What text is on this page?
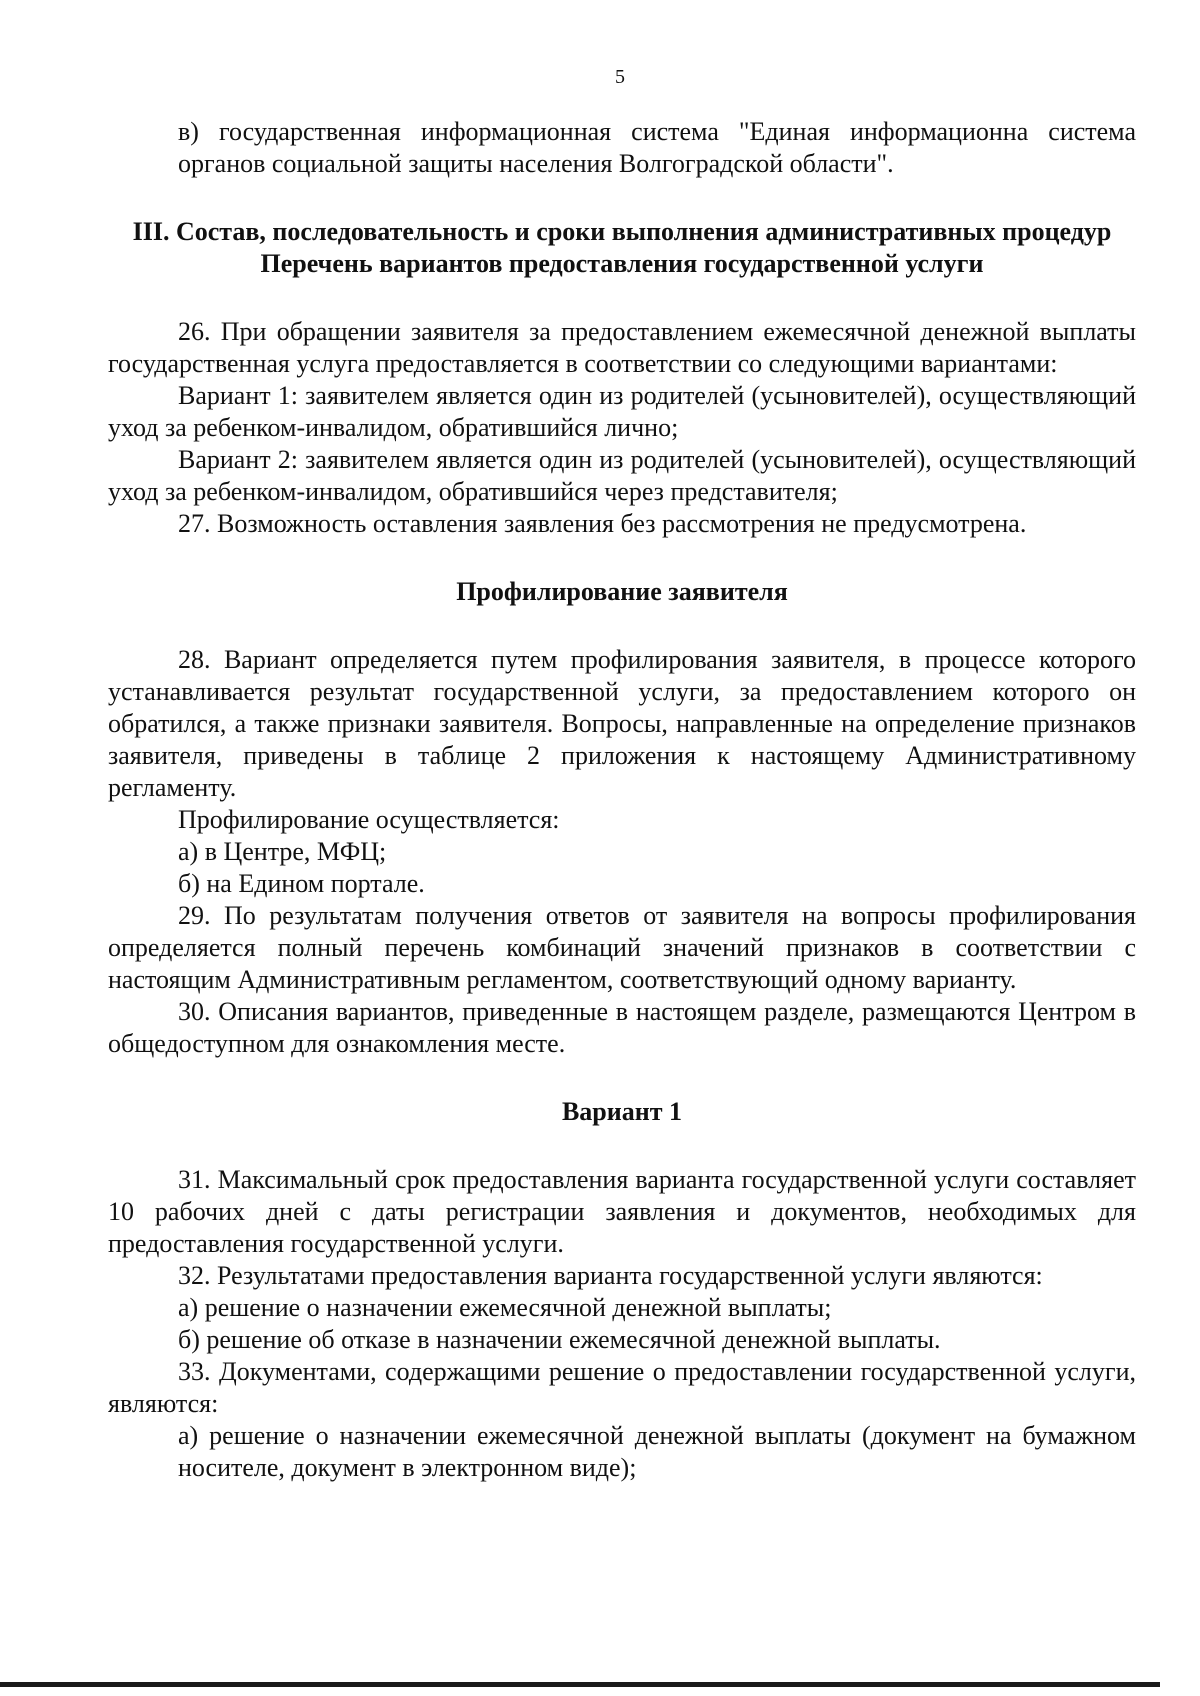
5

в) государственная информационная система "Единая информационна система органов социальной защиты населения Волгоградской области".

III. Состав, последовательность и сроки выполнения административных процедур
Перечень вариантов предоставления государственной услуги

26. При обращении заявителя за предоставлением ежемесячной денежной выплаты государственная услуга предоставляется в соответствии со следующими вариантами:

Вариант 1: заявителем является один из родителей (усыновителей), осуществляющий уход за ребенком-инвалидом, обратившийся лично;

Вариант 2: заявителем является один из родителей (усыновителей), осуществляющий уход за ребенком-инвалидом, обратившийся через представителя;

27. Возможность оставления заявления без рассмотрения не предусмотрена.

Профилирование заявителя

28. Вариант определяется путем профилирования заявителя, в процессе которого устанавливается результат государственной услуги, за предоставлением которого он обратился, а также признаки заявителя. Вопросы, направленные на определение признаков заявителя, приведены в таблице 2 приложения к настоящему Административному регламенту.

Профилирование осуществляется:

а) в Центре, МФЦ;

б) на Едином портале.

29. По результатам получения ответов от заявителя на вопросы профилирования определяется полный перечень комбинаций значений признаков в соответствии с настоящим Административным регламентом, соответствующий одному варианту.

30. Описания вариантов, приведенные в настоящем разделе, размещаются Центром в общедоступном для ознакомления месте.

Вариант 1

31. Максимальный срок предоставления варианта государственной услуги составляет 10 рабочих дней с даты регистрации заявления и документов, необходимых для предоставления государственной услуги.

32. Результатами предоставления варианта государственной услуги являются:

а) решение о назначении ежемесячной денежной выплаты;

б) решение об отказе в назначении ежемесячной денежной выплаты.

33. Документами, содержащими решение о предоставлении государственной услуги, являются:

а) решение о назначении ежемесячной денежной выплаты (документ на бумажном носителе, документ в электронном виде);
